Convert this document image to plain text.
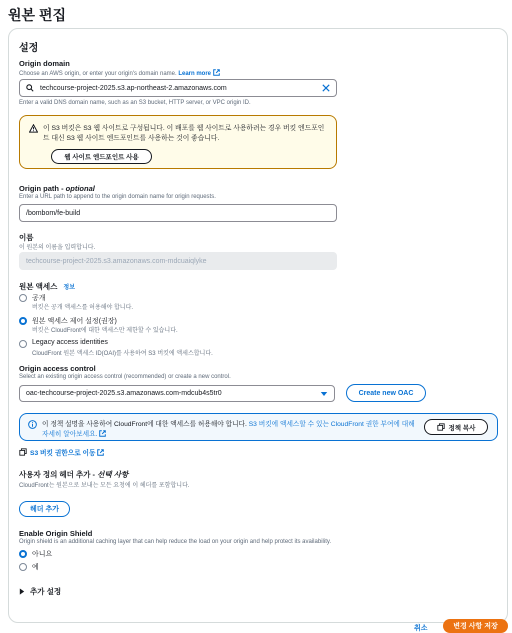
원본 편집
설정
Origin domain
Choose an AWS origin, or enter your origin's domain name. Learn more
techcourse-project-2025.s3.ap-northeast-2.amazonaws.com
Enter a valid DNS domain name, such as an S3 bucket, HTTP server, or VPC origin ID.
이 S3 버킷은 S3 웹 사이트로 구성됩니다. 이 배포를 웹 사이트로 사용하려는 경우 버킷 엔드포인트 대신 S3 웹 사이트 엔드포인트를 사용하는 것이 좋습니다.
웹 사이트 엔드포인트 사용
Origin path - optional
Enter a URL path to append to the origin domain name for origin requests.
/bombom/fe-build
이름
이 원본의 이름을 입력합니다.
techcourse-project-2025.s3.amazonaws.com-mdcuaiqlyke
원본 액세스 정보
공개
버킷은 공개 액세스를 허용해야 합니다.
원본 액세스 제어 설정(권장)
버킷은 CloudFront에 대한 액세스만 제한할 수 있습니다.
Legacy access identities
CloudFront 원본 액세스 ID(OAI)를 사용하여 S3 버킷에 액세스합니다.
Origin access control
Select an existing origin access control (recommended) or create a new control.
oac-techcourse-project-2025.s3.amazonaws.com-mdcub4s5tr0	Create new OAC
이 정책 설명을 사용하여 CloudFront에 대한 액세스를 허용해야 합니다. S3 버킷에 액세스할 수 있는 CloudFront 권한 부여에 대해 자세히 알아보세요.
정책 복사
S3 버킷 권한으로 이동
사용자 정의 헤더 추가 - 선택 사항
CloudFront는 원본으로 보내는 모든 요청에 이 헤더를 포함합니다.
헤더 추가
Enable Origin Shield
Origin shield is an additional caching layer that can help reduce the load on your origin and help protect its availability.
아니요
예
추가 설정
취소	변경 사항 저장
